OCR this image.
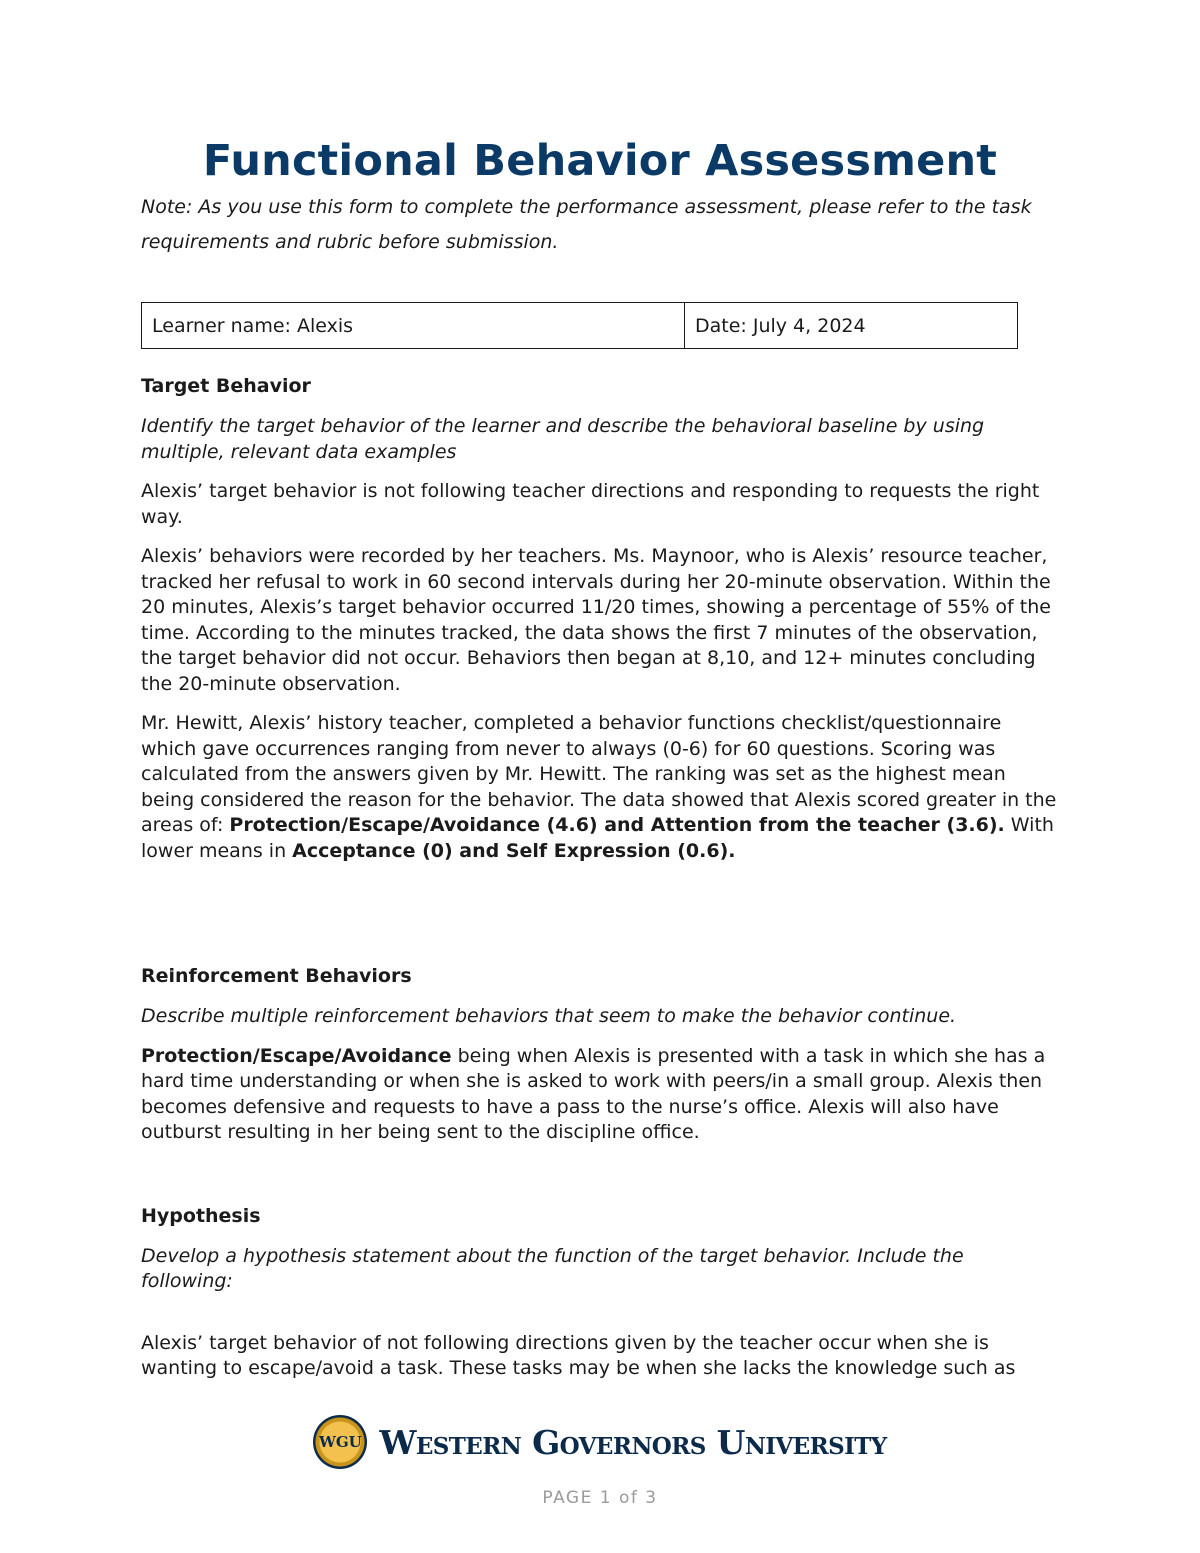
Functional Behavior Assessment
Note: As you use this form to complete the performance assessment, please refer to the task requirements and rubric before submission.
Learner name: Alexis	Date: July 4, 2024
Target Behavior

Identify the target behavior of the learner and describe the behavioral baseline by using multiple, relevant data examples

Alexis’ target behavior is not following teacher directions and responding to requests the right way.

Alexis’ behaviors were recorded by her teachers. Ms. Maynoor, who is Alexis’ resource teacher, tracked her refusal to work in 60 second intervals during her 20-minute observation. Within the 20 minutes, Alexis’s target behavior occurred 11/20 times, showing a percentage of 55% of the time. According to the minutes tracked, the data shows the first 7 minutes of the observation, the target behavior did not occur. Behaviors then began at 8,10, and 12+ minutes concluding the 20-minute observation.

Mr. Hewitt, Alexis’ history teacher, completed a behavior functions checklist/questionnaire which gave occurrences ranging from never to always (0-6) for 60 questions. Scoring was calculated from the answers given by Mr. Hewitt. The ranking was set as the highest mean being considered the reason for the behavior. The data showed that Alexis scored greater in the areas of: Protection/Escape/Avoidance (4.6) and Attention from the teacher (3.6). With lower means in Acceptance (0) and Self Expression (0.6).

Reinforcement Behaviors

Describe multiple reinforcement behaviors that seem to make the behavior continue.

Protection/Escape/Avoidance being when Alexis is presented with a task in which she has a hard time understanding or when she is asked to work with peers/in a small group. Alexis then becomes defensive and requests to have a pass to the nurse’s office. Alexis will also have outburst resulting in her being sent to the discipline office.

Hypothesis

Develop a hypothesis statement about the function of the target behavior. Include the following:

Alexis’ target behavior of not following directions given by the teacher occur when she is wanting to escape/avoid a task. These tasks may be when she lacks the knowledge such as

WGU Western Governors University
PAGE 1 of 3
